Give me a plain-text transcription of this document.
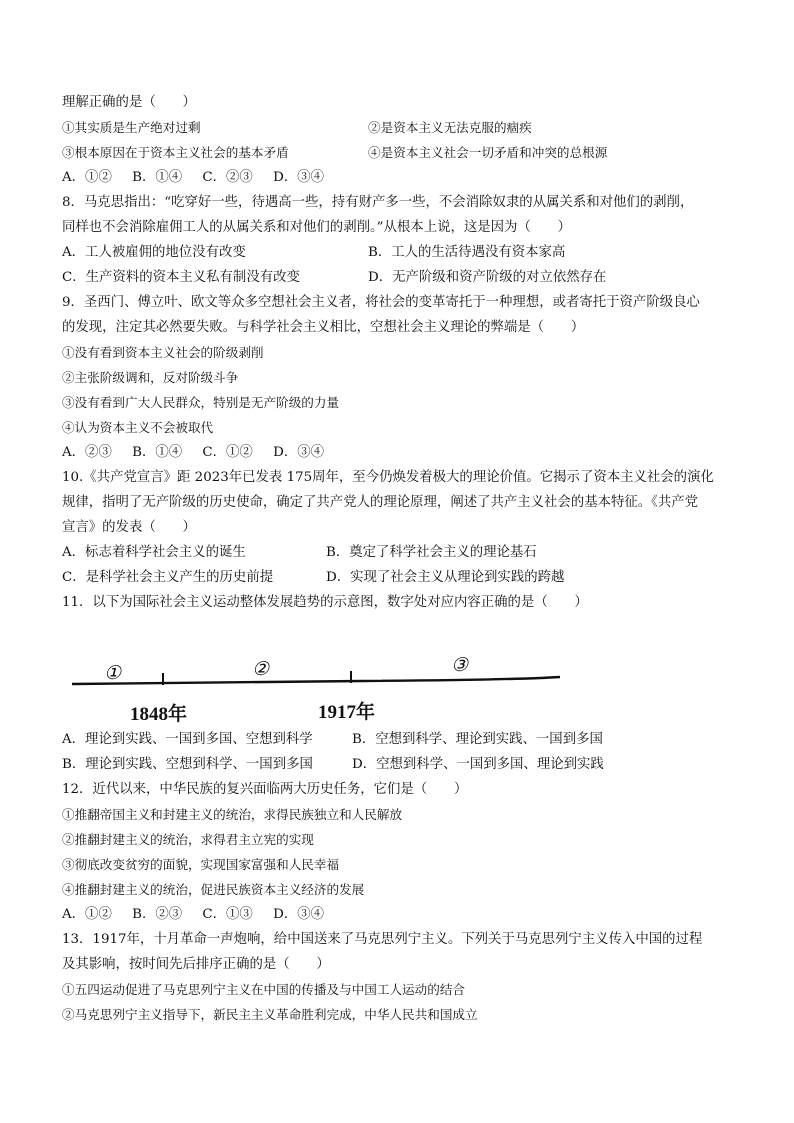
理解正确的是（　　）
①其实质是生产绝对过剩	②是资本主义无法克服的痼疾
③根本原因在于资本主义社会的基本矛盾	④是资本主义社会一切矛盾和冲突的总根源
A．①② B．①④ C．②③ D．③④
8．马克思指出：“吃穿好一些，待遇高一些，持有财产多一些，不会消除奴隶的从属关系和对他们的剥削，
同样也不会消除雇佣工人的从属关系和对他们的剥削。”从根本上说，这是因为（　　）
A．工人被雇佣的地位没有改变	B．工人的生活待遇没有资本家高
C．生产资料的资本主义私有制没有改变	D．无产阶级和资产阶级的对立依然存在
9．圣西门、傅立叶、欧文等众多空想社会主义者，将社会的变革寄托于一种理想，或者寄托于资产阶级良心
的发现，注定其必然要失败。与科学社会主义相比，空想社会主义理论的弊端是（　　）
①没有看到资本主义社会的阶级剥削
②主张阶级调和，反对阶级斗争
③没有看到广大人民群众，特别是无产阶级的力量
④认为资本主义不会被取代
A．②③ B．①④ C．①② D．③④
10.《共产党宣言》距 2023年已发表 175周年，至今仍焕发着极大的理论价值。它揭示了资本主义社会的演化
规律，指明了无产阶级的历史使命，确定了共产党人的理论原理，阐述了共产主义社会的基本特征。《共产党
宣言》的发表（　　）
A．标志着科学社会主义的诞生	B．奠定了科学社会主义的理论基石
C．是科学社会主义产生的历史前提	D．实现了社会主义从理论到实践的跨越
11．以下为国际社会主义运动整体发展趋势的示意图，数字处对应内容正确的是（　　）
①	②	③
1848年	1917年
A．理论到实践、一国到多国、空想到科学	B．空想到科学、理论到实践、一国到多国
B．理论到实践、空想到科学、一国到多国	D．空想到科学、一国到多国、理论到实践
12．近代以来，中华民族的复兴面临两大历史任务，它们是（　　）
①推翻帝国主义和封建主义的统治，求得民族独立和人民解放
②推翻封建主义的统治，求得君主立宪的实现
③彻底改变贫穷的面貌，实现国家富强和人民幸福
④推翻封建主义的统治，促进民族资本主义经济的发展
A．①② B．②③ C．①③ D．③④
13．1917年，十月革命一声炮响，给中国送来了马克思列宁主义。下列关于马克思列宁主义传入中国的过程
及其影响，按时间先后排序正确的是（　　）
①五四运动促进了马克思列宁主义在中国的传播及与中国工人运动的结合
②马克思列宁主义指导下，新民主主义革命胜利完成，中华人民共和国成立
